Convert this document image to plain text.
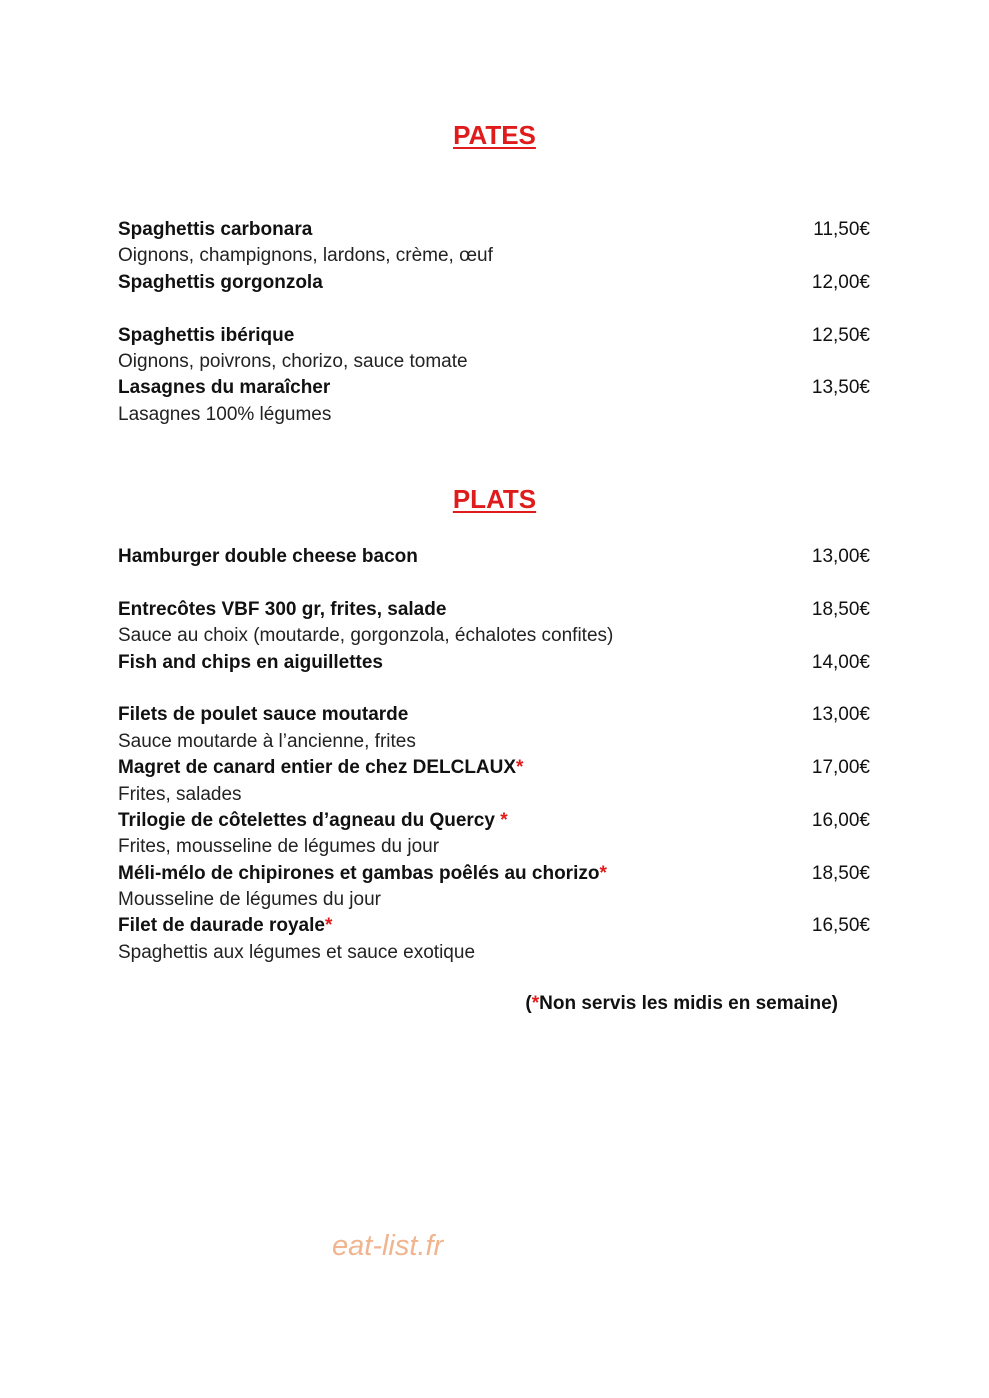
PATES
Spaghettis carbonara	11,50€
Oignons, champignons, lardons, crème, œuf
Spaghettis gorgonzola	12,00€
Spaghettis ibérique	12,50€
Oignons, poivrons, chorizo, sauce tomate
Lasagnes du maraîcher	13,50€
Lasagnes 100% légumes
PLATS
Hamburger double cheese bacon	13,00€
Entrecôtes VBF 300 gr, frites, salade	18,50€
Sauce au choix (moutarde, gorgonzola, échalotes confites)
Fish and chips en aiguillettes	14,00€
Filets de poulet sauce moutarde	13,00€
Sauce moutarde à l’ancienne, frites
Magret de canard entier de chez DELCLAUX*	17,00€
Frites, salades
Trilogie de côtelettes d’agneau du Quercy *	16,00€
Frites, mousseline de légumes du jour
Méli-mélo de chipirones et gambas poêlés au chorizo*	18,50€
Mousseline de légumes du jour
Filet de daurade royale*	16,50€
Spaghettis aux légumes et sauce exotique
(*Non servis les midis en semaine)
eat-list.fr
